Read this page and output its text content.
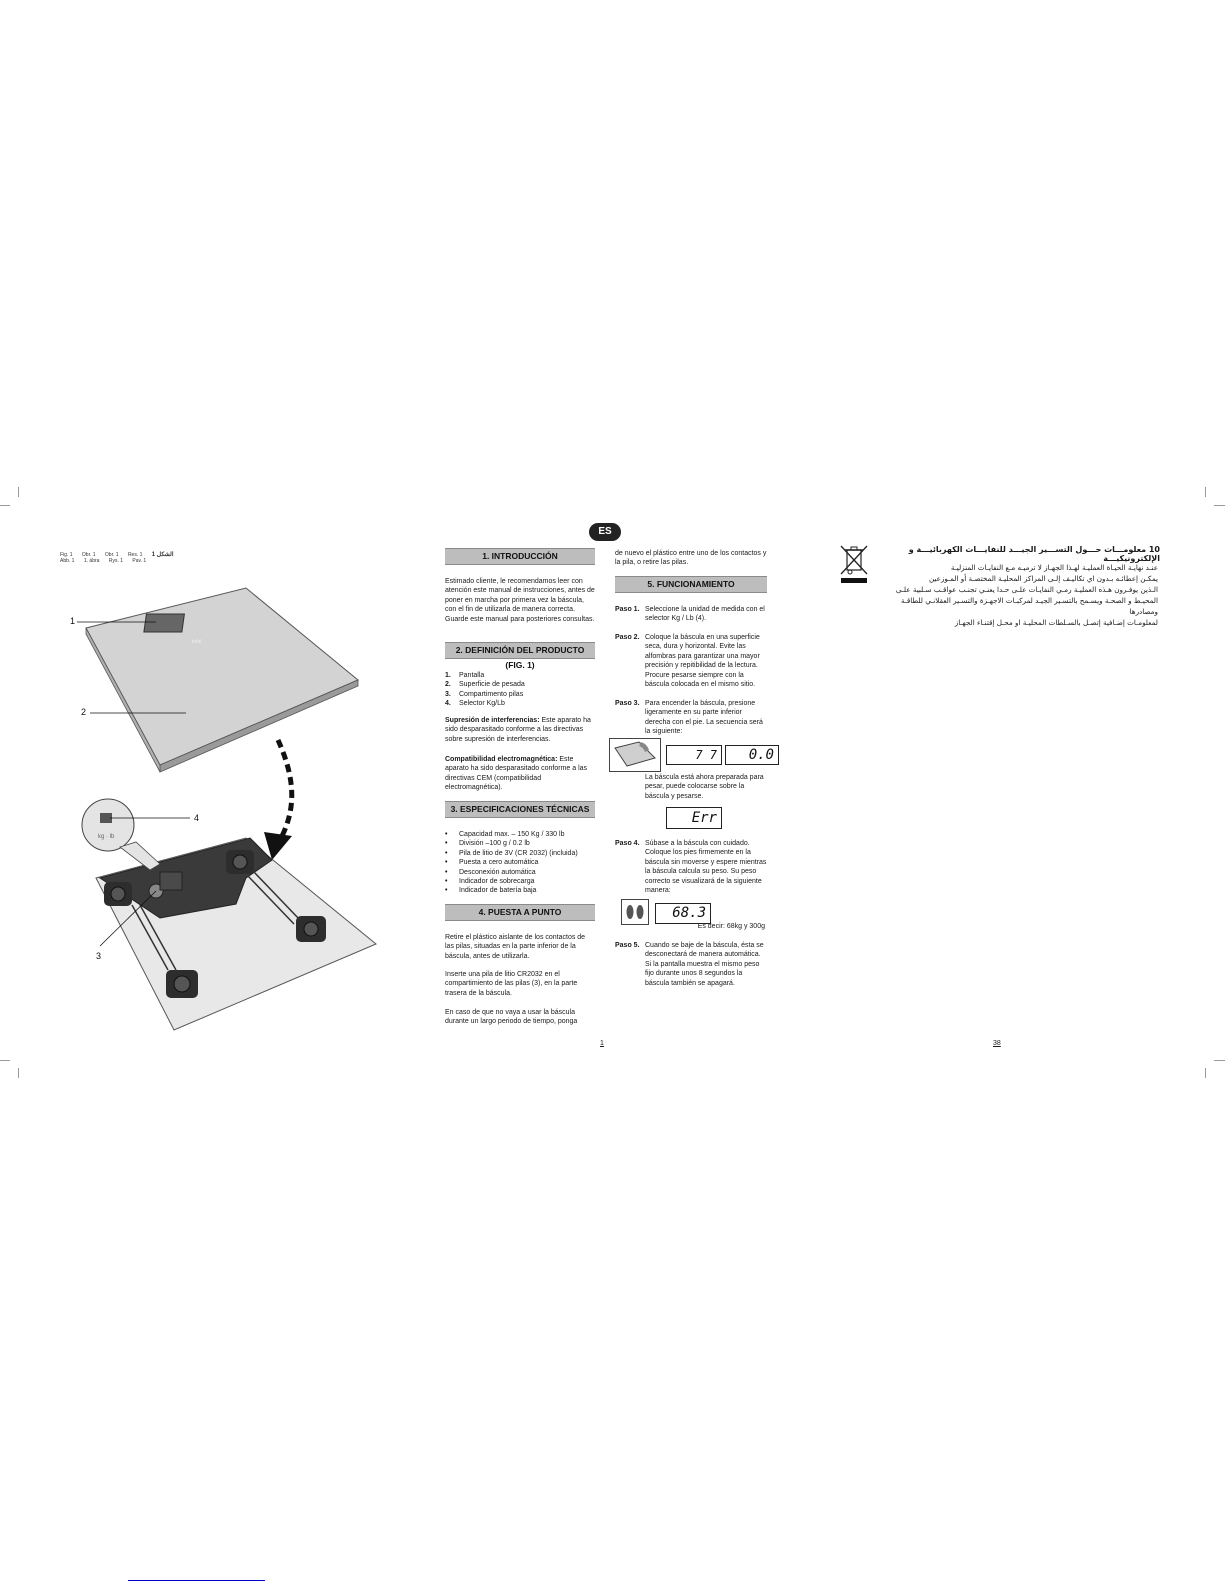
Fig. 1 Obr. 1 Obr. 1 Res. 1 1 الشكل
Abb. 1 1. ábra Rys. 1 Pav. 1
tefal
kg · lb
1
2
3
4
ES
1. INTRODUCCIÓN
Estimado cliente, le recomendamos leer con atención este manual de instrucciones, antes de poner en marcha por primera vez la báscula, con el fin de utilizarla de manera correcta. Guarde este manual para posteriores consultas.
2. DEFINICIÓN DEL PRODUCTO (FIG. 1)
1. Pantalla
2. Superficie de pesada
3. Compartimento pilas
4. Selector Kg/Lb
Supresión de interferencias: Este aparato ha sido desparasitado conforme a las directivas sobre supresión de interferencias.
Compatibilidad electromagnética: Este aparato ha sido desparasitado conforme a las directivas CEM (compatibilidad electromagnética).
3. ESPECIFICACIONES TÉCNICAS
• Capacidad max. – 150 Kg / 330 lb
• División –100 g / 0.2 lb
• Pila de litio de 3V (CR 2032) (incluida)
• Puesta a cero automática
• Desconexión automática
• Indicador de sobrecarga
• Indicador de batería baja
4. PUESTA A PUNTO
Retire el plástico aislante de los contactos de las pilas, situadas en la parte inferior de la báscula, antes de utilizarla.
Inserte una pila de litio CR2032 en el compartimiento de las pilas (3), en la parte trasera de la báscula.
En caso de que no vaya a usar la báscula durante un largo periodo de tiempo, ponga
1
de nuevo el plástico entre uno de los contactos y la pila, o retire las pilas.
5. FUNCIONAMIENTO
Paso 1. Seleccione la unidad de medida con el selector Kg / Lb (4).
Paso 2. Coloque la báscula en una superficie seca, dura y horizontal. Evite las alfombras para garantizar una mayor precisión y repitibilidad de la lectura. Procure pesarse siempre con la báscula colocada en el mismo sitio.
Paso 3. Para encender la báscula, presione ligeramente en su parte inferior derecha con el pie. La secuencia será la siguiente:
7 7	0.0
La báscula está ahora preparada para pesar, puede colocarse sobre la báscula y pesarse.
Err
Paso 4. Súbase a la báscula con cuidado. Coloque los pies firmemente en la báscula sin moverse y espere mientras la báscula calcula su peso. Su peso correcto se visualizará de la siguiente manera:
68.3
Es decir: 68kg y 300g
Paso 5. Cuando se baje de la báscula, ésta se desconectará de manera automática. Si la pantalla muestra el mismo peso fijo durante unos 8 segundos la báscula también se apagará.
10 معلومـــات حـــول التســـير الجيـــد للنفايـــات الكهربائيـــة و الإلكترونيكيـــة
عنـد نهايـة الحيـاة العمليـة لهـذا الجهـاز لا ترميـه مـع النفايـات المنزليـة
يمكـن إعطائـه بـدون اي تكاليـف إلـى المراكز المحليـة المختصـة أو المـوزعين
الـذين يوفـرون هـذه العمليـة رمـي النفايـات علـى حـدا يعنـي تجنـب عواقـب سـلبية علـى
المحيـط و الصحـة ويسـمح بالتسـير الجيـد لمركبـات الاجهـزة والتسـير العقلانـي للطاقـة
ومصادرها
لمعلومـات إضـافية إتصـل بالسـلطات المحليـة او محـل إقتنـاء الجهـاز
38
